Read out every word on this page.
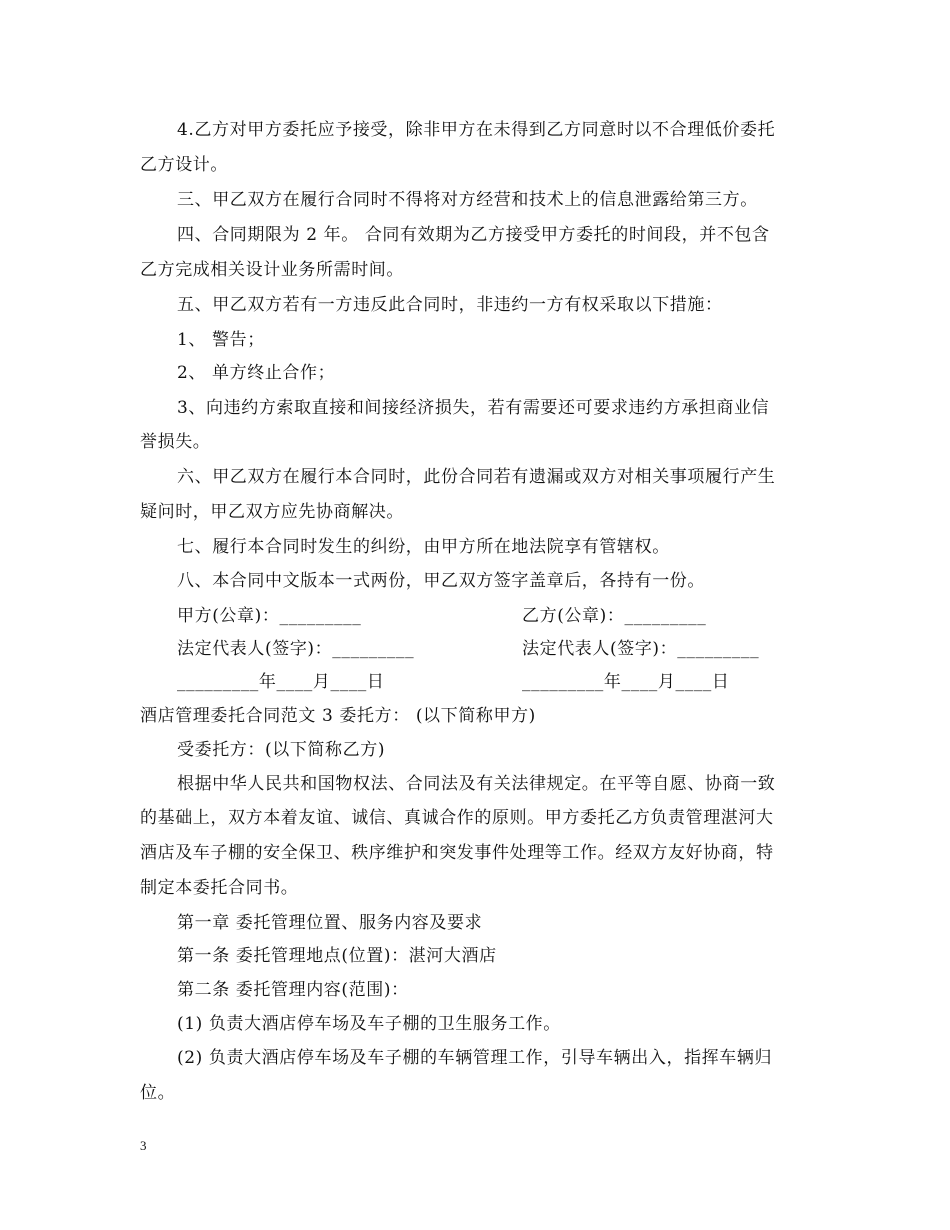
4.乙方对甲方委托应予接受，除非甲方在未得到乙方同意时以不合理低价委托
乙方设计。
三、甲乙双方在履行合同时不得将对方经营和技术上的信息泄露给第三方。
四、合同期限为 2 年。 合同有效期为乙方接受甲方委托的时间段，并不包含
乙方完成相关设计业务所需时间。
五、甲乙双方若有一方违反此合同时，非违约一方有权采取以下措施：
1、 警告；
2、 单方终止合作；
3、向违约方索取直接和间接经济损失，若有需要还可要求违约方承担商业信
誉损失。
六、甲乙双方在履行本合同时，此份合同若有遗漏或双方对相关事项履行产生
疑问时，甲乙双方应先协商解决。
七、履行本合同时发生的纠纷，由甲方所在地法院享有管辖权。
八、本合同中文版本一式两份，甲乙双方签字盖章后，各持有一份。
甲方(公章)：_________	乙方(公章)：_________
法定代表人(签字)：_________	法定代表人(签字)：_________
_________年____月____日	_________年____月____日
酒店管理委托合同范文 3 委托方： (以下简称甲方)
受委托方：(以下简称乙方)
根据中华人民共和国物权法、合同法及有关法律规定。在平等自愿、协商一致
的基础上，双方本着友谊、诚信、真诚合作的原则。甲方委托乙方负责管理湛河大
酒店及车子棚的安全保卫、秩序维护和突发事件处理等工作。经双方友好协商，特
制定本委托合同书。
第一章 委托管理位置、服务内容及要求
第一条 委托管理地点(位置)：湛河大酒店
第二条 委托管理内容(范围)：
(1) 负责大酒店停车场及车子棚的卫生服务工作。
(2) 负责大酒店停车场及车子棚的车辆管理工作，引导车辆出入，指挥车辆归
位。
3
